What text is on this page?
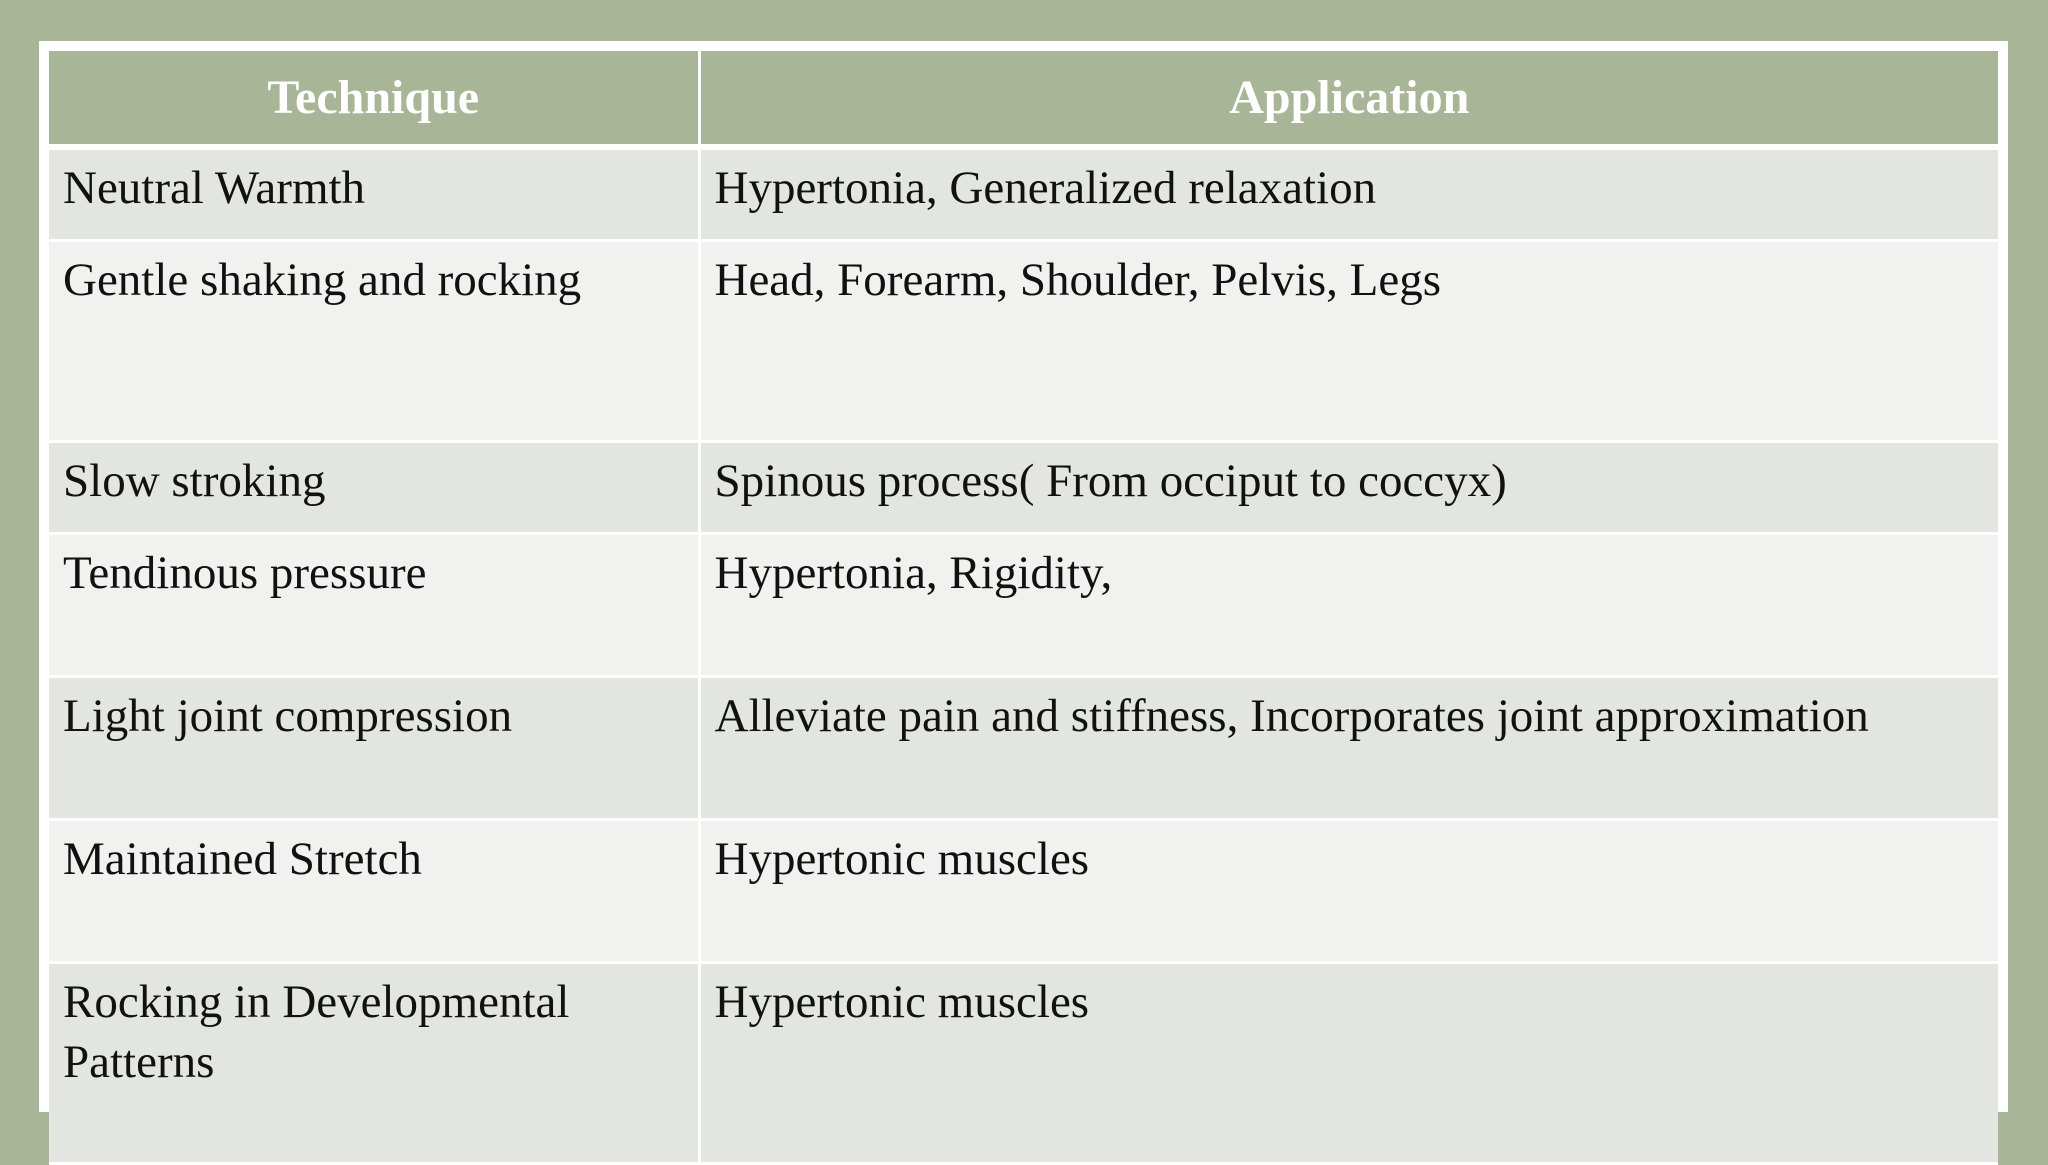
Technique	Application
Neutral Warmth	Hypertonia, Generalized relaxation
Gentle shaking and rocking	Head, Forearm, Shoulder, Pelvis, Legs
Slow stroking	Spinous process( From occiput to coccyx)
Tendinous pressure	Hypertonia, Rigidity,
Light joint compression	Alleviate pain and stiffness, Incorporates joint approximation
Maintained Stretch	Hypertonic muscles
Rocking in Developmental Patterns	Hypertonic muscles
